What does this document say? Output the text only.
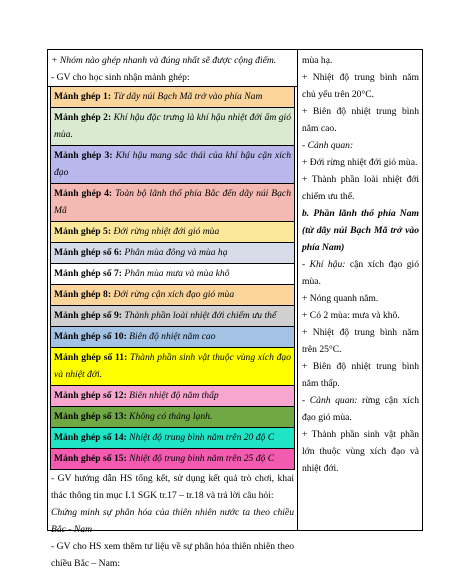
+ Nhóm nào ghép nhanh và đúng nhất sẽ được cộng điểm.

- GV cho học sinh nhận mảnh ghép:

Mảnh ghép 1: Từ dãy núi Bạch Mã trở vào phía Nam
Mảnh ghép 2: Khí hậu đặc trưng là khí hậu nhiệt đới ẩm gió mùa.
Mảnh ghép 3: Khí hậu mang sắc thái của khí hậu cận xích đạo
Mảnh ghép 4: Toàn bộ lãnh thổ phía Bắc đến dãy núi Bạch Mã
Mảnh ghép 5: Đới rừng nhiệt đới gió mùa
Mảnh ghép số 6: Phân mùa đông và mùa hạ
Mảnh ghép số 7: Phân mùa mưa và mùa khô
Mảnh ghép 8: Đới rừng cận xích đạo gió mùa
Mảnh ghép số 9: Thành phần loài nhiệt đới chiếm ưu thế
Mảnh ghép số 10: Biên độ nhiệt năm cao
Mảnh ghép số 11: Thành phần sinh vật thuộc vùng xích đạo và nhiệt đới.
Mảnh ghép số 12: Biên nhiệt độ năm thấp
Mảnh ghép số 13: Không có tháng lạnh.
Mảnh ghép số 14: Nhiệt độ trung bình năm trên 20 độ C
Mảnh ghép số 15: Nhiệt độ trung bình năm trên 25 độ C

- GV hướng dẫn HS tổng kết, sử dụng kết quả trò chơi, khai thác thông tin mục I.1 SGK tr.17 – tr.18 và trả lời câu hỏi:

Chứng minh sự phân hóa của thiên nhiên nước ta theo chiều Bắc - Nam

- GV cho HS xem thêm tư liệu về sự phân hóa thiên nhiên theo chiều Bắc – Nam:

mùa hạ.

+ Nhiệt độ trung bình năm chủ yếu trên 20°C.

+ Biên độ nhiệt trung bình năm cao.

- Cảnh quan:

+ Đới rừng nhiệt đới gió mùa.

+ Thành phần loài nhiệt đới chiếm ưu thế.

b. Phần lãnh thổ phía Nam (từ dãy núi Bạch Mã trở vào phía Nam)

- Khí hậu: cận xích đạo gió mùa.

+ Nóng quanh năm.

+ Có 2 mùa: mưa và khô.

+ Nhiệt độ trung bình năm trên 25°C.

+ Biên độ nhiệt trung bình năm thấp.

- Cảnh quan: rừng cận xích đạo gió mùa.

+ Thành phần sinh vật phần lớn thuộc vùng xích đạo và nhiệt đới.
